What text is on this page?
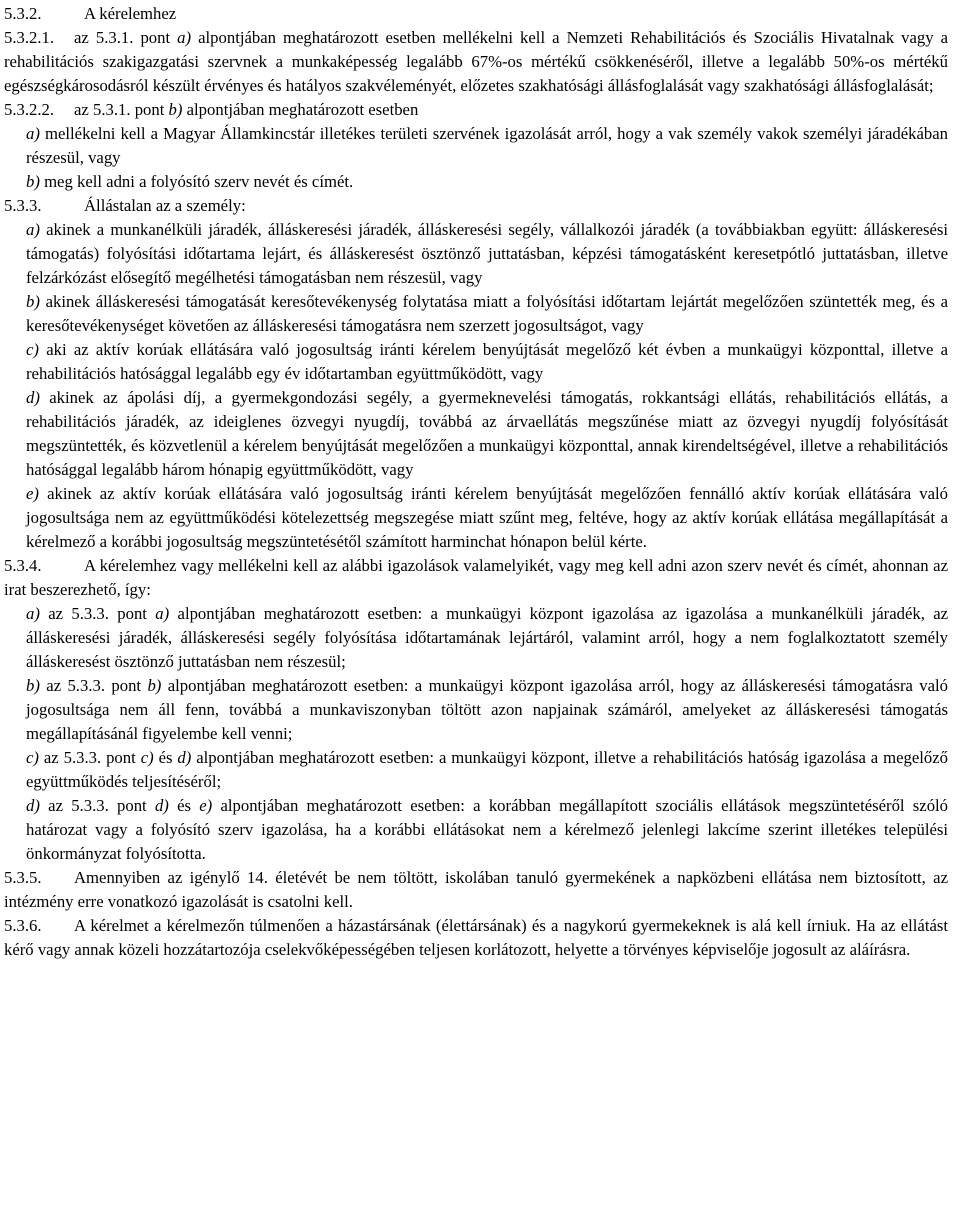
5.3.2.	A kérelemhez

5.3.2.1. az 5.3.1. pont a) alpontjában meghatározott esetben mellékelni kell a Nemzeti Rehabilitációs és Szociális Hivatalnak vagy a rehabilitációs szakigazgatási szervnek a munkaképesség legalább 67%-os mértékű csökkenéséről, illetve a legalább 50%-os mértékű egészségkárosodásról készült érvényes és hatályos szakvéleményét, előzetes szakhatósági állásfoglalását vagy szakhatósági állásfoglalását;

5.3.2.2. az 5.3.1. pont b) alpontjában meghatározott esetben

a) mellékelni kell a Magyar Államkincstár illetékes területi szervének igazolását arról, hogy a vak személy vakok személyi járadékában részesül, vagy

b) meg kell adni a folyósító szerv nevét és címét.

5.3.3.	Állástalan az a személy:

a) akinek a munkanélküli járadék, álláskeresési járadék, álláskeresési segély, vállalkozói járadék (a továbbiakban együtt: álláskeresési támogatás) folyósítási időtartama lejárt, és álláskeresést ösztönző juttatásban, képzési támogatásként keresetpótló juttatásban, illetve felzárkózást elősegítő megélhetési támogatásban nem részesül, vagy

b) akinek álláskeresési támogatását keresőtevékenység folytatása miatt a folyósítási időtartam lejártát megelőzően szüntették meg, és a keresőtevékenységet követően az álláskeresési támogatásra nem szerzett jogosultságot, vagy

c) aki az aktív korúak ellátására való jogosultság iránti kérelem benyújtását megelőző két évben a munkaügyi központtal, illetve a rehabilitációs hatósággal legalább egy év időtartamban együttműködött, vagy

d) akinek az ápolási díj, a gyermekgondozási segély, a gyermeknevelési támogatás, rokkantsági ellátás, rehabilitációs ellátás, a rehabilitációs járadék, az ideiglenes özvegyi nyugdíj, továbbá az árvaellátás megszűnése miatt az özvegyi nyugdíj folyósítását megszüntették, és közvetlenül a kérelem benyújtását megelőzően a munkaügyi központtal, annak kirendeltségével, illetve a rehabilitációs hatósággal legalább három hónapig együttműködött, vagy

e) akinek az aktív korúak ellátására való jogosultság iránti kérelem benyújtását megelőzően fennálló aktív korúak ellátására való jogosultsága nem az együttműködési kötelezettség megszegése miatt szűnt meg, feltéve, hogy az aktív korúak ellátása megállapítását a kérelmező a korábbi jogosultság megszüntetésétől számított harminchat hónapon belül kérte.

5.3.4.	A kérelemhez vagy mellékelni kell az alábbi igazolások valamelyikét, vagy meg kell adni azon szerv nevét és címét, ahonnan az irat beszerezhető, így:

a) az 5.3.3. pont a) alpontjában meghatározott esetben: a munkaügyi központ igazolása az igazolása a munkanélküli járadék, az álláskeresési járadék, álláskeresési segély folyósítása időtartamának lejártáról, valamint arról, hogy a nem foglalkoztatott személy álláskeresést ösztönző juttatásban nem részesül;

b) az 5.3.3. pont b) alpontjában meghatározott esetben: a munkaügyi központ igazolása arról, hogy az álláskeresési támogatásra való jogosultsága nem áll fenn, továbbá a munkaviszonyban töltött azon napjainak számáról, amelyeket az álláskeresési támogatás megállapításánál figyelembe kell venni;

c) az 5.3.3. pont c) és d) alpontjában meghatározott esetben: a munkaügyi központ, illetve a rehabilitációs hatóság igazolása a megelőző együttműködés teljesítéséről;

d) az 5.3.3. pont d) és e) alpontjában meghatározott esetben: a korábban megállapított szociális ellátások megszüntetéséről szóló határozat vagy a folyósító szerv igazolása, ha a korábbi ellátásokat nem a kérelmező jelenlegi lakcíme szerint illetékes települési önkormányzat folyósította.

5.3.5. Amennyiben az igénylő 14. életévét be nem töltött, iskolában tanuló gyermekének a napközbeni ellátása nem biztosított, az intézmény erre vonatkozó igazolását is csatolni kell.

5.3.6. A kérelmet a kérelmezőn túlmenően a házastársának (élettársának) és a nagykorú gyermekeknek is alá kell írniuk. Ha az ellátást kérő vagy annak közeli hozzátartozója cselekvőképességében teljesen korlátozott, helyette a törvényes képviselője jogosult az aláírásra.
